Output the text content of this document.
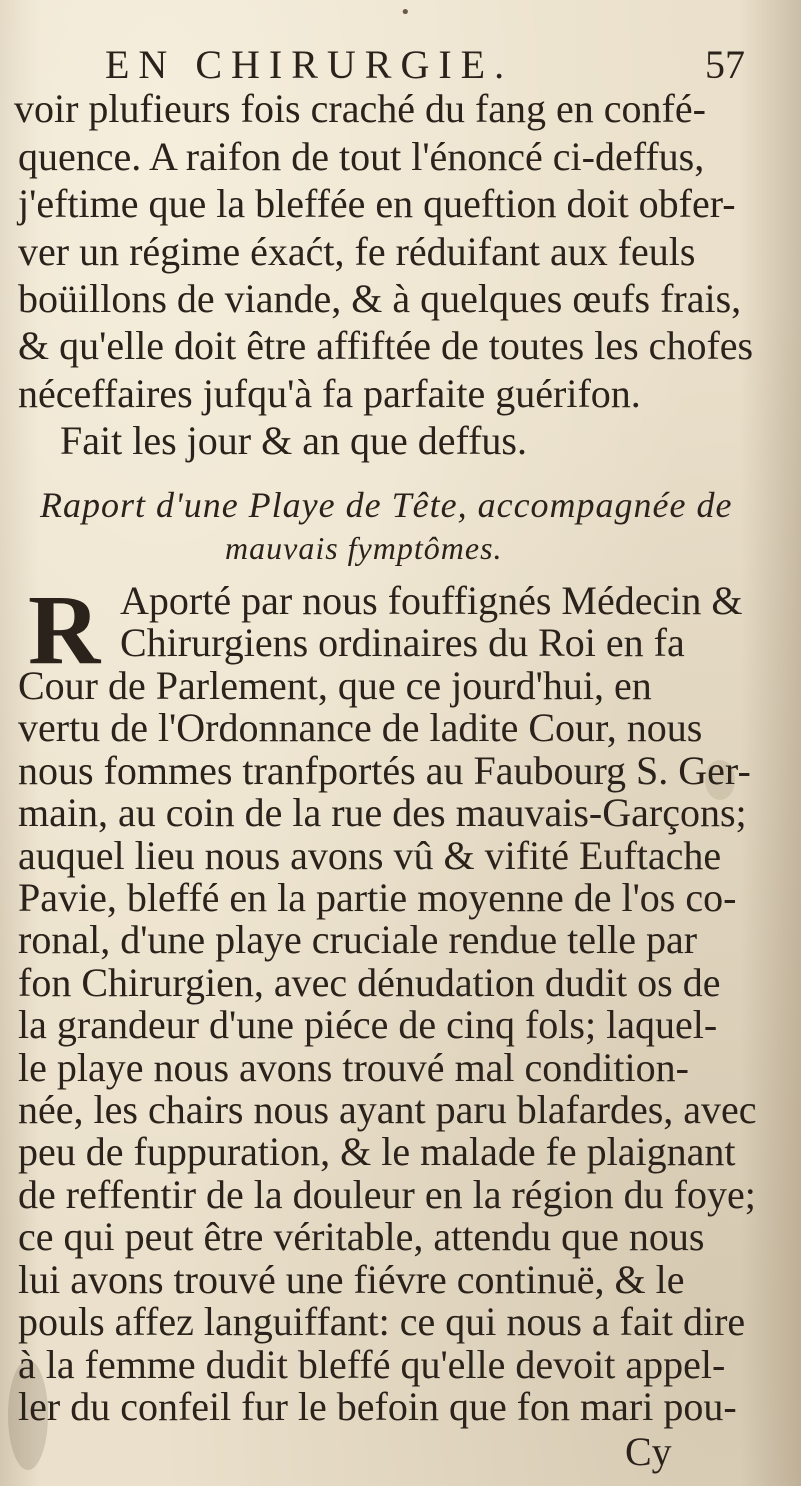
•
EN CHIRURGIE.	57
voir plufieurs fois craché du fang en confé-
quence. A raifon de tout l'énoncé ci-deffus,
j'eftime que la bleffée en queftion doit obfer-
ver un régime éxaćt, fe réduifant aux feuls
boüillons de viande, & à quelques œufs frais,
& qu'elle doit être affiftée de toutes les chofes
néceffaires jufqu'à fa parfaite guérifon.
Fait les jour & an que deffus.
Raport d'une Playe de Tête, accompagnée de
mauvais fymptômes.
R Aporté par nous fouffignés Médecin &
Chirurgiens ordinaires du Roi en fa
Cour de Parlement, que ce jourd'hui, en
vertu de l'Ordonnance de ladite Cour, nous
nous fommes tranfportés au Faubourg S. Ger-
main, au coin de la rue des mauvais-Garçons;
auquel lieu nous avons vû & vifité Euftache
Pavie, bleffé en la partie moyenne de l'os co-
ronal, d'une playe cruciale rendue telle par
fon Chirurgien, avec dénudation dudit os de
la grandeur d'une piéce de cinq fols; laquel-
le playe nous avons trouvé mal condition-
née, les chairs nous ayant paru blafardes, avec
peu de fuppuration, & le malade fe plaignant
de reffentir de la douleur en la région du foye;
ce qui peut être véritable, attendu que nous
lui avons trouvé une fiévre continuë, & le
pouls affez languiffant: ce qui nous a fait dire
à la femme dudit bleffé qu'elle devoit appel-
ler du confeil fur le befoin que fon mari pou-
Cy
